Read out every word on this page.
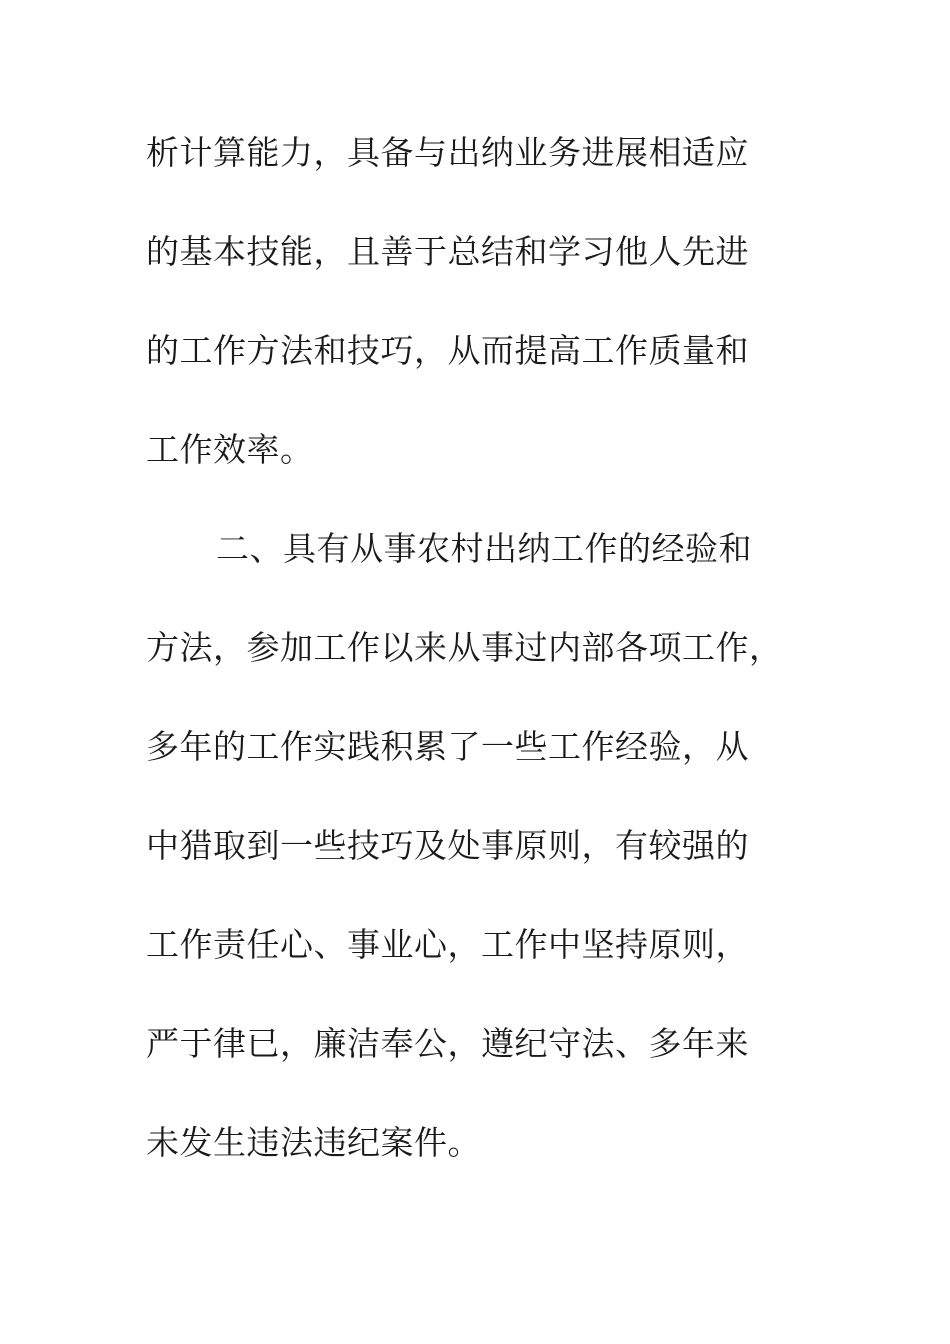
析计算能力，具备与出纳业务进展相适应
的基本技能，且善于总结和学习他人先进
的工作方法和技巧，从而提高工作质量和
工作效率。
二、具有从事农村出纳工作的经验和
方法，参加工作以来从事过内部各项工作，
多年的工作实践积累了一些工作经验，从
中猎取到一些技巧及处事原则，有较强的
工作责任心、事业心，工作中坚持原则，
严于律已，廉洁奉公，遵纪守法、多年来
未发生违法违纪案件。
